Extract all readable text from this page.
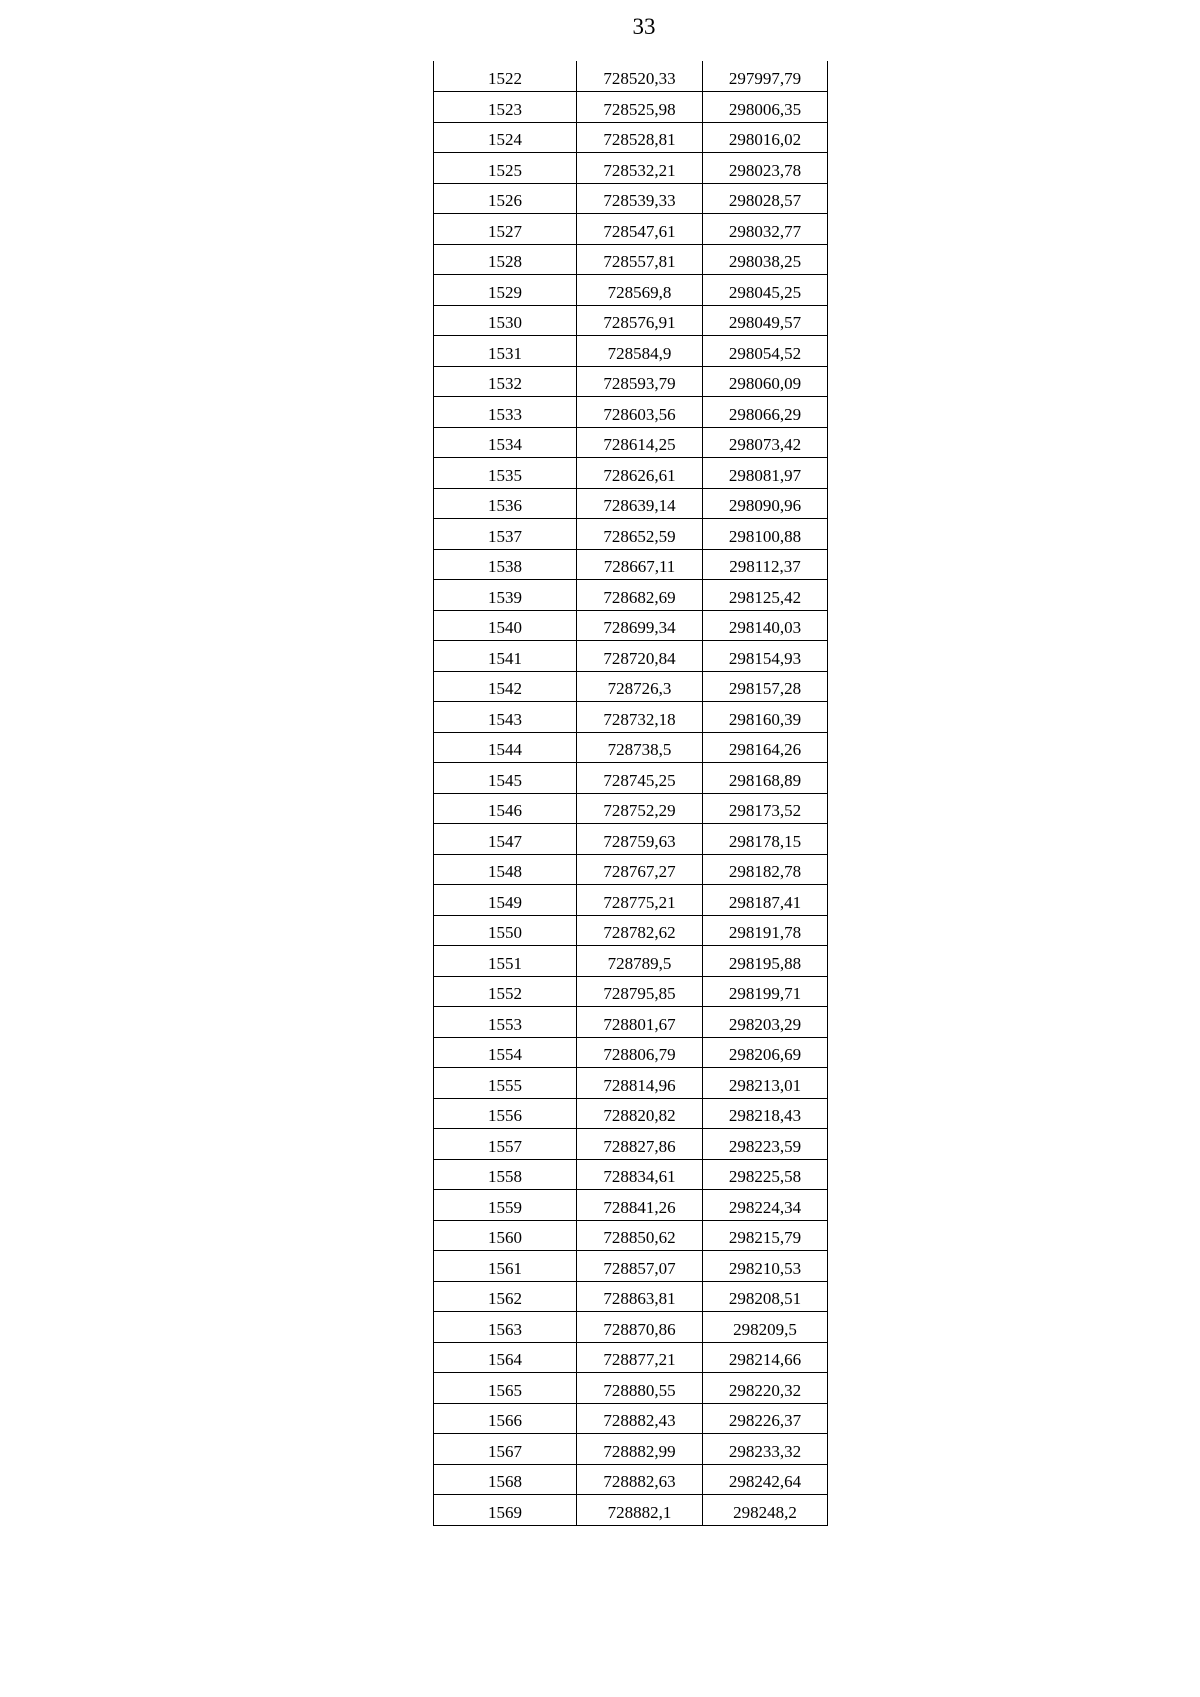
33
1522	728520,33	297997,79
1523	728525,98	298006,35
1524	728528,81	298016,02
1525	728532,21	298023,78
1526	728539,33	298028,57
1527	728547,61	298032,77
1528	728557,81	298038,25
1529	728569,8	298045,25
1530	728576,91	298049,57
1531	728584,9	298054,52
1532	728593,79	298060,09
1533	728603,56	298066,29
1534	728614,25	298073,42
1535	728626,61	298081,97
1536	728639,14	298090,96
1537	728652,59	298100,88
1538	728667,11	298112,37
1539	728682,69	298125,42
1540	728699,34	298140,03
1541	728720,84	298154,93
1542	728726,3	298157,28
1543	728732,18	298160,39
1544	728738,5	298164,26
1545	728745,25	298168,89
1546	728752,29	298173,52
1547	728759,63	298178,15
1548	728767,27	298182,78
1549	728775,21	298187,41
1550	728782,62	298191,78
1551	728789,5	298195,88
1552	728795,85	298199,71
1553	728801,67	298203,29
1554	728806,79	298206,69
1555	728814,96	298213,01
1556	728820,82	298218,43
1557	728827,86	298223,59
1558	728834,61	298225,58
1559	728841,26	298224,34
1560	728850,62	298215,79
1561	728857,07	298210,53
1562	728863,81	298208,51
1563	728870,86	298209,5
1564	728877,21	298214,66
1565	728880,55	298220,32
1566	728882,43	298226,37
1567	728882,99	298233,32
1568	728882,63	298242,64
1569	728882,1	298248,2
